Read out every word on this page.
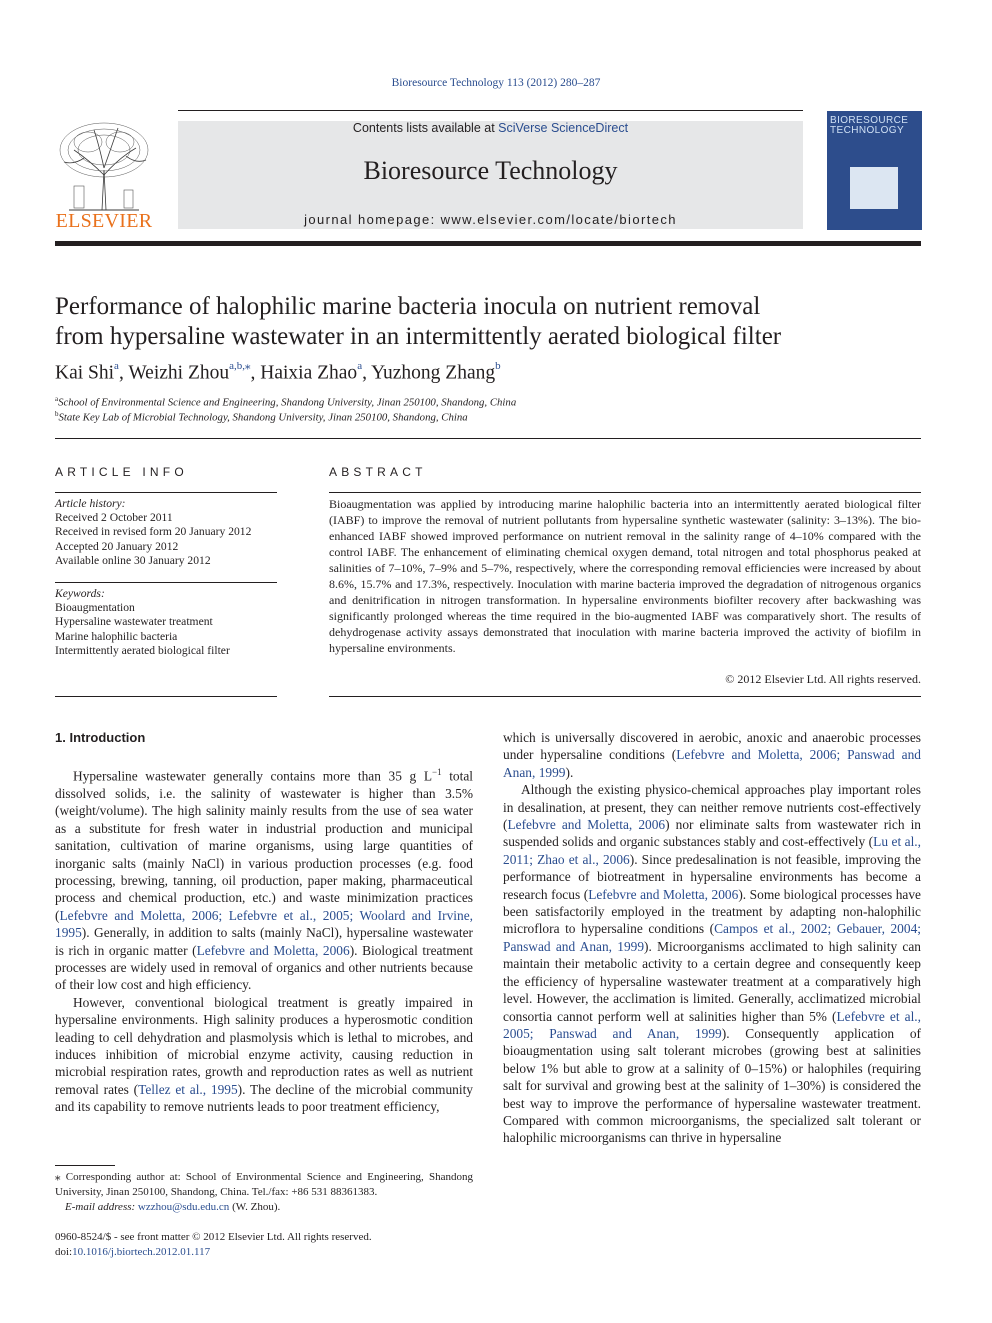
Bioresource Technology 113 (2012) 280–287
ELSEVIER
Contents lists available at SciVerse ScienceDirect
Bioresource Technology
journal homepage: www.elsevier.com/locate/biortech
BIORESOURCE TECHNOLOGY
Performance of halophilic marine bacteria inocula on nutrient removal
from hypersaline wastewater in an intermittently aerated biological filter
Kai Shi$^a$, Weizhi Zhou$^{a,b,⁎}$, Haixia Zhao$^a$, Yuzhong Zhang$^b$
$^a$School of Environmental Science and Engineering, Shandong University, Jinan 250100, Shandong, China
$^b$State Key Lab of Microbial Technology, Shandong University, Jinan 250100, Shandong, China
ARTICLE INFO
Article history:
Received 2 October 2011
Received in revised form 20 January 2012
Accepted 20 January 2012
Available online 30 January 2012
Keywords:
Bioaugmentation
Hypersaline wastewater treatment
Marine halophilic bacteria
Intermittently aerated biological filter
ABSTRACT
Bioaugmentation was applied by introducing marine halophilic bacteria into an intermittently aerated biological filter (IABF) to improve the removal of nutrient pollutants from hypersaline synthetic wastewater (salinity: 3–13%). The bio-enhanced IABF showed improved performance on nutrient removal in the salinity range of 4–10% compared with the control IABF. The enhancement of eliminating chemical oxygen demand, total nitrogen and total phosphorus peaked at salinities of 7–10%, 7–9% and 5–7%, respectively, where the corresponding removal efficiencies were increased by about 8.6%, 15.7% and 17.3%, respectively. Inoculation with marine bacteria improved the degradation of nitrogenous organics and denitrification in nitrogen transformation. In hypersaline environments biofilter recovery after backwashing was significantly prolonged whereas the time required in the bio-augmented IABF was comparatively short. The results of dehydrogenase activity assays demonstrated that inoculation with marine bacteria improved the activity of biofilm in hypersaline environments.
© 2012 Elsevier Ltd. All rights reserved.
1. Introduction

Hypersaline wastewater generally contains more than 35 g $L^{-1}$ total dissolved solids, i.e. the salinity of wastewater is higher than 3.5% (weight/volume). The high salinity mainly results from the use of sea water as a substitute for fresh water in industrial production and municipal sanitation, cultivation of marine organisms, using large quantities of inorganic salts (mainly NaCl) in various production processes (e.g. food processing, brewing, tanning, oil production, paper making, pharmaceutical process and chemical production, etc.) and waste minimization practices (Lefebvre and Moletta, 2006; Lefebvre et al., 2005; Woolard and Irvine, 1995). Generally, in addition to salts (mainly NaCl), hypersaline wastewater is rich in organic matter (Lefebvre and Moletta, 2006). Biological treatment processes are widely used in removal of organics and other nutrients because of their low cost and high efficiency.

However, conventional biological treatment is greatly impaired in hypersaline environments. High salinity produces a hyperosmotic condition leading to cell dehydration and plasmolysis which is lethal to microbes, and induces inhibition of microbial enzyme activity, causing reduction in microbial respiration rates, growth and reproduction rates as well as nutrient removal rates (Tellez et al., 1995). The decline of the microbial community and its capability to remove nutrients leads to poor treatment efficiency,

which is universally discovered in aerobic, anoxic and anaerobic processes under hypersaline conditions (Lefebvre and Moletta, 2006; Panswad and Anan, 1999).

Although the existing physico-chemical approaches play important roles in desalination, at present, they can neither remove nutrients cost-effectively (Lefebvre and Moletta, 2006) nor eliminate salts from wastewater rich in suspended solids and organic substances stably and cost-effectively (Lu et al., 2011; Zhao et al., 2006). Since predesalination is not feasible, improving the performance of biotreatment in hypersaline environments has become a research focus (Lefebvre and Moletta, 2006). Some biological processes have been satisfactorily employed in the treatment by adapting non-halophilic microflora to hypersaline conditions (Campos et al., 2002; Gebauer, 2004; Panswad and Anan, 1999). Microorganisms acclimated to high salinity can maintain their metabolic activity to a certain degree and consequently keep the efficiency of hypersaline wastewater treatment at a comparatively high level. However, the acclimation is limited. Generally, acclimatized microbial consortia cannot perform well at salinities higher than 5% (Lefebvre et al., 2005; Panswad and Anan, 1999). Consequently application of bioaugmentation using salt tolerant microbes (growing best at salinities below 1% but able to grow at a salinity of 0–15%) or halophiles (requiring salt for survival and growing best at the salinity of 1–30%) is considered the best way to improve the performance of hypersaline wastewater treatment. Compared with common microorganisms, the specialized salt tolerant or halophilic microorganisms can thrive in hypersaline

⁎ Corresponding author at: School of Environmental Science and Engineering, Shandong University, Jinan 250100, Shandong, China. Tel./fax: +86 531 88361383.
E-mail address: wzzhou@sdu.edu.cn (W. Zhou).
0960-8524/$ - see front matter © 2012 Elsevier Ltd. All rights reserved.
doi:10.1016/j.biortech.2012.01.117
